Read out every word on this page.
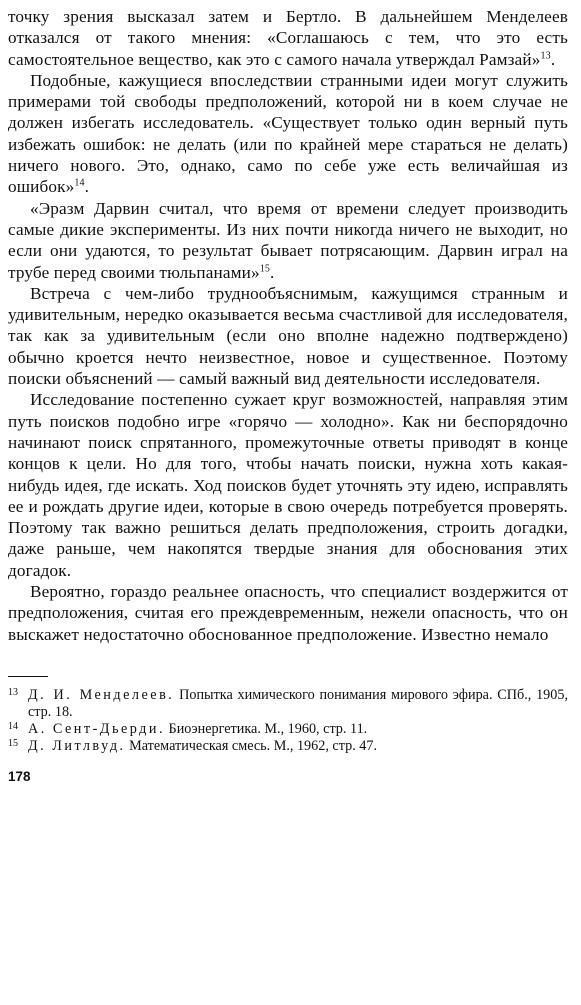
точку зрения высказал затем и Бертло. В дальнейшем Менделеев отказался от такого мнения: «Соглашаюсь с тем, что это есть самостоятельное вещество, как это с самого начала утверждал Рамзай»$^{13}$.

Подобные, кажущиеся впоследствии странными идеи могут служить примерами той свободы предположений, которой ни в коем случае не должен избегать исследователь. «Существует только один верный путь избежать ошибок: не делать (или по крайней мере стараться не делать) ничего нового. Это, однако, само по себе уже есть величайшая из ошибок»$^{14}$.

«Эразм Дарвин считал, что время от времени следует производить самые дикие эксперименты. Из них почти никогда ничего не выходит, но если они удаются, то результат бывает потрясающим. Дарвин играл на трубе перед своими тюльпанами»$^{15}$.

Встреча с чем-либо труднообъяснимым, кажущимся странным и удивительным, нередко оказывается весьма счастливой для исследователя, так как за удивительным (если оно вполне надежно подтверждено) обычно кроется нечто неизвестное, новое и существенное. Поэтому поиски объяснений — самый важный вид деятельности исследователя.

Исследование постепенно сужает круг возможностей, направляя этим путь поисков подобно игре «горячо — холодно». Как ни беспорядочно начинают поиск спрятанного, промежуточные ответы приводят в конце концов к цели. Но для того, чтобы начать поиски, нужна хоть какая-нибудь идея, где искать. Ход поисков будет уточнять эту идею, исправлять ее и рождать другие идеи, которые в свою очередь потребуется проверять. Поэтому так важно решиться делать предположения, строить догадки, даже раньше, чем накопятся твердые знания для обоснования этих догадок.

Вероятно, гораздо реальнее опасность, что специалист воздержится от предположения, считая его преждевременным, нежели опасность, что он выскажет недостаточно обоснованное предположение. Известно немало

13 Д. И. Менделеев. Попытка химического понимания мирового эфира. СПб., 1905, стр. 18.
14 А. Сент-Дьерди. Биоэнергетика. М., 1960, стр. 11.
15 Д. Литлвуд. Математическая смесь. М., 1962, стр. 47.
178
